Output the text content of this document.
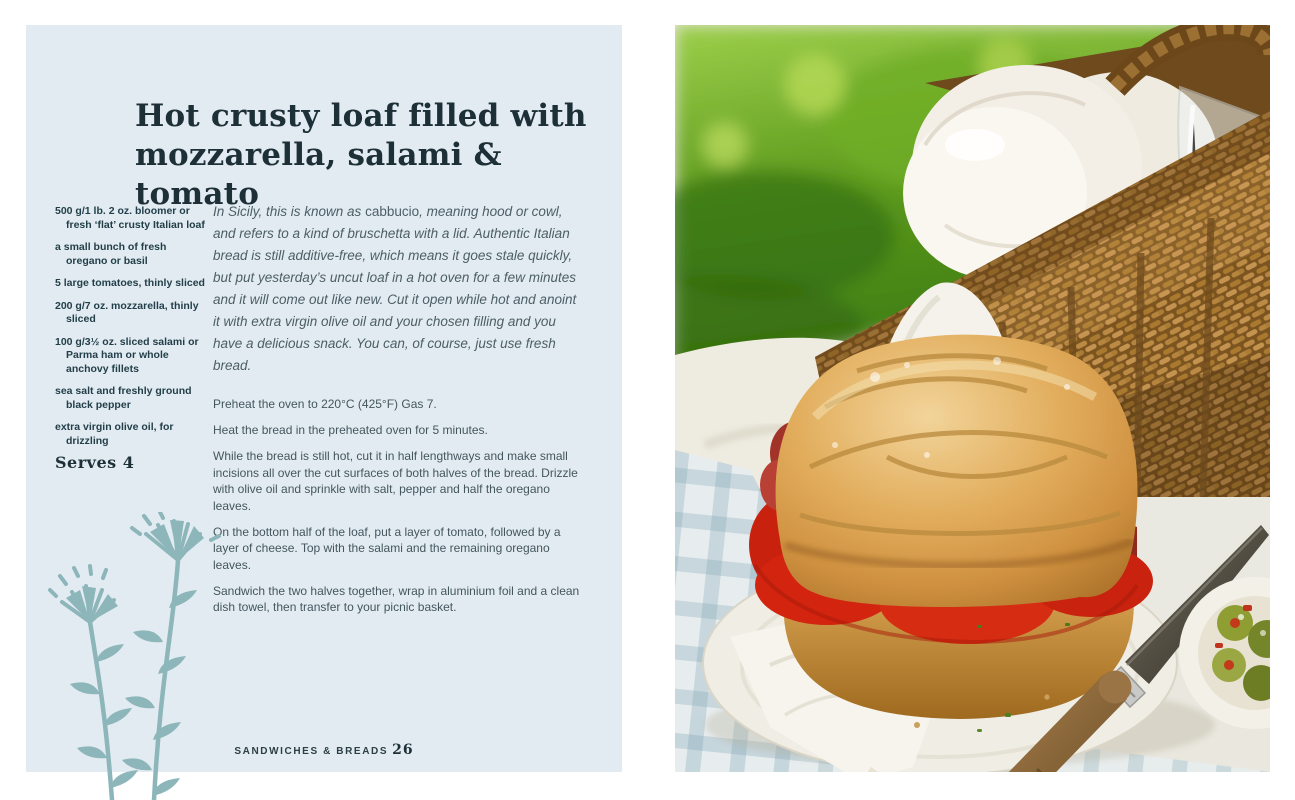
Hot crusty loaf filled with
mozzarella, salami & tomato

500 g/1 lb. 2 oz. bloomer or fresh ‘flat’ crusty Italian loaf

a small bunch of fresh oregano or basil

5 large tomatoes, thinly sliced

200 g/7 oz. mozzarella, thinly sliced

100 g/3½ oz. sliced salami or Parma ham or whole anchovy fillets

sea salt and freshly ground black pepper

extra virgin olive oil, for drizzling

Serves 4

In Sicily, this is known as cabbucio, meaning hood or cowl, and refers to a kind of bruschetta with a lid. Authentic Italian bread is still additive-free, which means it goes stale quickly, but put yesterday’s uncut loaf in a hot oven for a few minutes and it will come out like new. Cut it open while hot and anoint it with extra virgin olive oil and your chosen filling and you have a delicious snack. You can, of course, just use fresh bread.

Preheat the oven to 220°C (425°F) Gas 7.

Heat the bread in the preheated oven for 5 minutes.

While the bread is still hot, cut it in half lengthways and make small incisions all over the cut surfaces of both halves of the bread. Drizzle with olive oil and sprinkle with salt, pepper and half the oregano leaves.

On the bottom half of the loaf, put a layer of tomato, followed by a layer of cheese. Top with the salami and the remaining oregano leaves.

Sandwich the two halves together, wrap in aluminium foil and a clean dish towel, then transfer to your picnic basket.

SANDWICHES & BREADS 26
